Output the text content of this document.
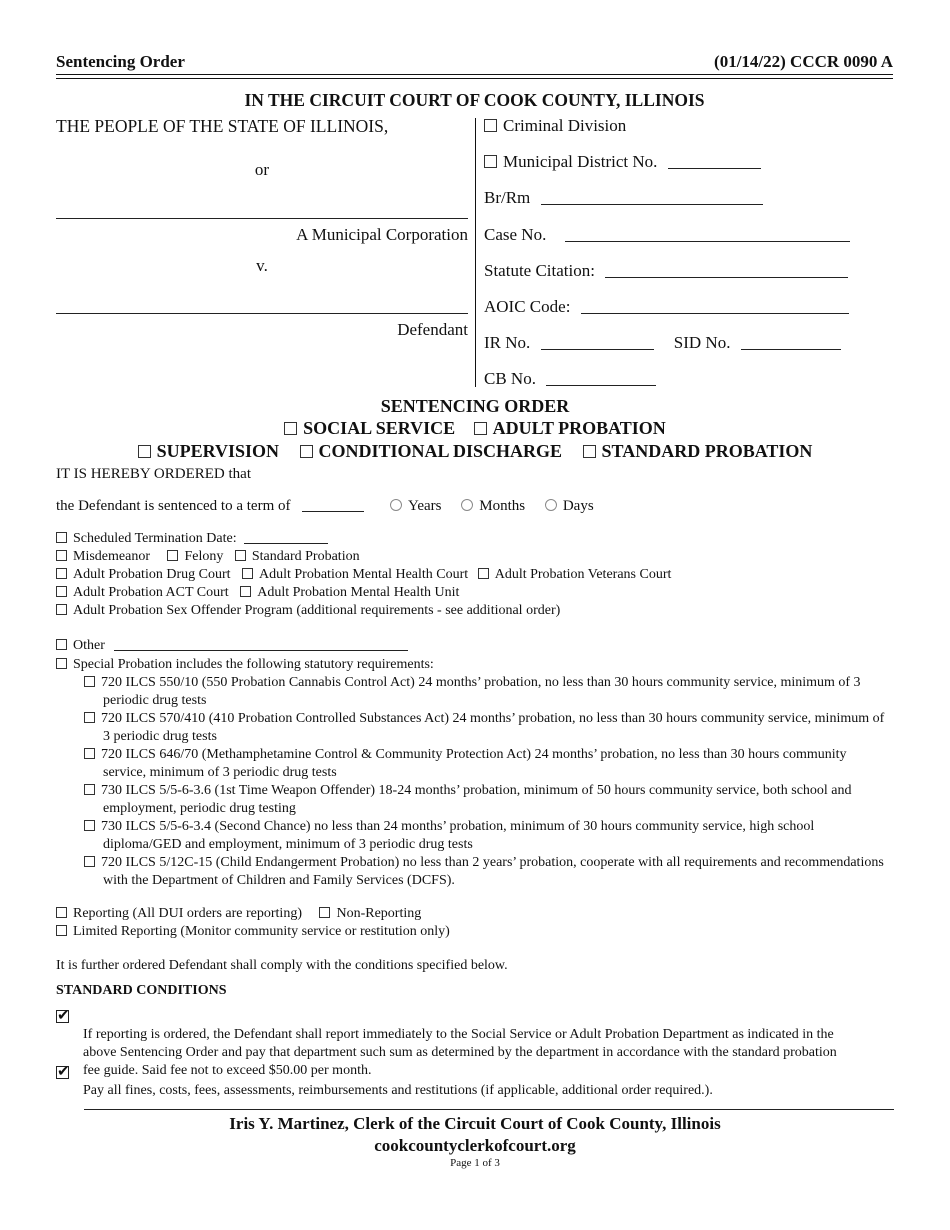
Sentencing Order	(01/14/22) CCCR 0090 A
IN THE CIRCUIT COURT OF COOK COUNTY, ILLINOIS
THE PEOPLE OF THE STATE OF ILLINOIS,
or
A Municipal Corporation
v.
Defendant
Criminal Division
Municipal District No.
Br/Rm
Case No.
Statute Citation:
AOIC Code:
IR No.	SID No.
CB No.
SENTENCING ORDER
SOCIAL SERVICE ADULT PROBATION
SUPERVISION CONDITIONAL DISCHARGE STANDARD PROBATION
IT IS HEREBY ORDERED that
the Defendant is sentenced to a term of	Years	Months	Days
Scheduled Termination Date:
Misdemeanor Felony Standard Probation
Adult Probation Drug Court Adult Probation Mental Health Court Adult Probation Veterans Court
Adult Probation ACT Court Adult Probation Mental Health Unit
Adult Probation Sex Offender Program (additional requirements - see additional order)
Other
Special Probation includes the following statutory requirements:
720 ILCS 550/10 (550 Probation Cannabis Control Act) 24 months’ probation, no less than 30 hours community service, minimum of 3 periodic drug tests
720 ILCS 570/410 (410 Probation Controlled Substances Act) 24 months’ probation, no less than 30 hours community service, minimum of 3 periodic drug tests
720 ILCS 646/70 (Methamphetamine Control & Community Protection Act) 24 months’ probation, no less than 30 hours community service, minimum of 3 periodic drug tests
730 ILCS 5/5-6-3.6 (1st Time Weapon Offender) 18-24 months’ probation, minimum of 50 hours community service, both school and employment, periodic drug testing
730 ILCS 5/5-6-3.4 (Second Chance) no less than 24 months’ probation, minimum of 30 hours community service, high school diploma/GED and employment, minimum of 3 periodic drug tests
720 ILCS 5/12C-15 (Child Endangerment Probation) no less than 2 years’ probation, cooperate with all requirements and recommendations with the Department of Children and Family Services (DCFS).
Reporting (All DUI orders are reporting) Non-Reporting
Limited Reporting (Monitor community service or restitution only)
It is further ordered Defendant shall comply with the conditions specified below.
STANDARD CONDITIONS
✔
If reporting is ordered, the Defendant shall report immediately to the Social Service or Adult Probation Department as indicated in the above Sentencing Order and pay that department such sum as determined by the department in accordance with the standard probation fee guide. Said fee not to exceed $50.00 per month.
✔
Pay all fines, costs, fees, assessments, reimbursements and restitutions (if applicable, additional order required.).
Iris Y. Martinez, Clerk of the Circuit Court of Cook County, Illinois
cookcountyclerkofcourt.org
Page 1 of 3
